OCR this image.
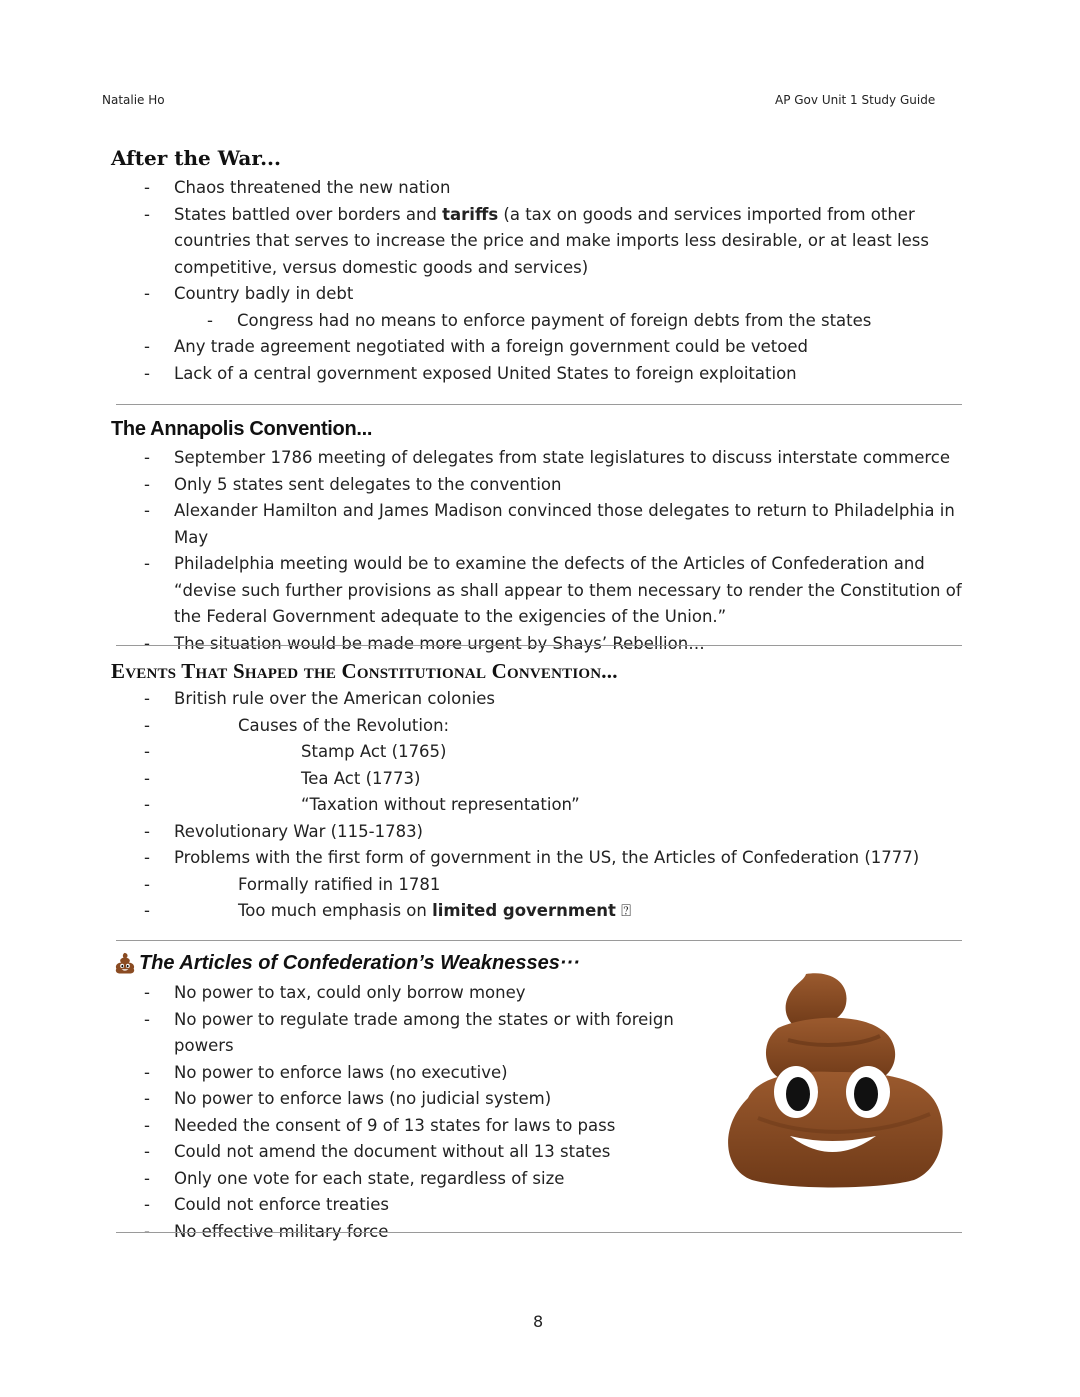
Natalie Ho	AP Gov Unit 1 Study Guide
After the War...
- Chaos threatened the new nation
- States battled over borders and tariffs (a tax on goods and services imported from other countries that serves to increase the price and make imports less desirable, or at least less competitive, versus domestic goods and services)
- Country badly in debt
- Congress had no means to enforce payment of foreign debts from the states
- Any trade agreement negotiated with a foreign government could be vetoed
- Lack of a central government exposed United States to foreign exploitation
The Annapolis Convention...
- September 1786 meeting of delegates from state legislatures to discuss interstate commerce
- Only 5 states sent delegates to the convention
- Alexander Hamilton and James Madison convinced those delegates to return to Philadelphia in May
- Philadelphia meeting would be to examine the defects of the Articles of Confederation and “devise such further provisions as shall appear to them necessary to render the Constitution of the Federal Government adequate to the exigencies of the Union.”
- The situation would be made more urgent by Shays’ Rebellion…
Events That Shaped the Constitutional Convention...
- British rule over the American colonies
-	Causes of the Revolution:
-	Stamp Act (1765)
-	Tea Act (1773)
-	“Taxation without representation”
- Revolutionary War (115-1783)
- Problems with the first form of government in the US, the Articles of Confederation (1777)
-	Formally ratified in 1781
-	Too much emphasis on limited government ⍰
The Articles of Confederation’s Weaknesses···
- No power to tax, could only borrow money
- No power to regulate trade among the states or with foreign powers
- No power to enforce laws (no executive)
- No power to enforce laws (no judicial system)
- Needed the consent of 9 of 13 states for laws to pass
- Could not amend the document without all 13 states
- Only one vote for each state, regardless of size
- Could not enforce treaties
- No effective military force
8
